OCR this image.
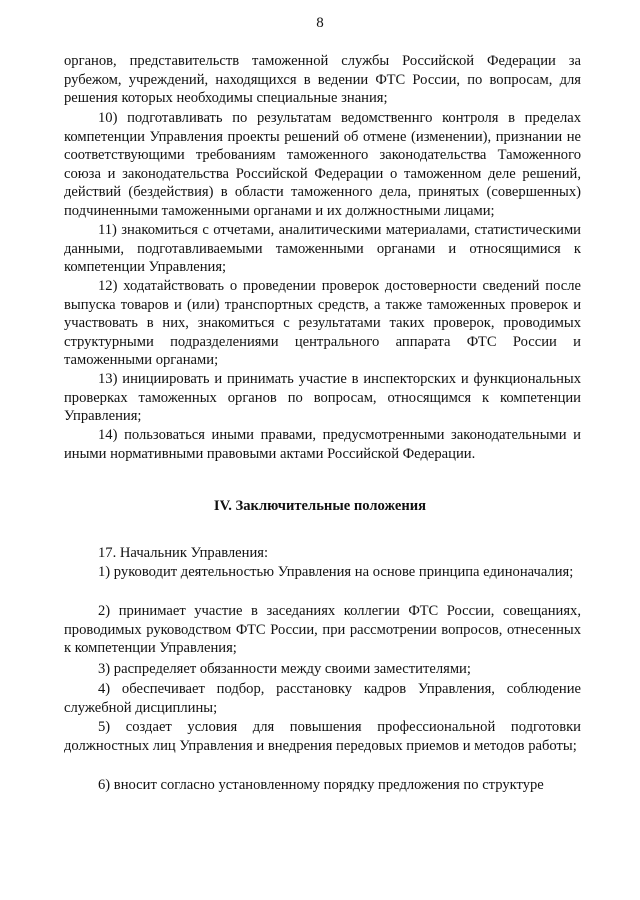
8
органов, представительств таможенной службы Российской Федерации за рубежом, учреждений, находящихся в ведении ФТС России, по вопросам, для решения которых необходимы специальные знания;
10) подготавливать по результатам ведомственнго контроля в пределах компетенции Управления проекты решений об отмене (изменении), признании не соответствующими требованиям таможенного законодательства Таможенного союза и законодательства Российской Федерации о таможенном деле решений, действий (бездействия) в области таможенного дела, принятых (совершенных) подчиненными таможенными органами и их должностными лицами;
11) знакомиться с отчетами, аналитическими материалами, статистическими данными, подготавливаемыми таможенными органами и относящимися к компетенции Управления;
12) ходатайствовать о проведении проверок достоверности сведений после выпуска товаров и (или) транспортных средств, а также таможенных проверок и участвовать в них, знакомиться с результатами таких проверок, проводимых структурными подразделениями центрального аппарата ФТС России и таможенными органами;
13) инициировать и принимать участие в инспекторских и функциональных проверках таможенных органов по вопросам, относящимся к компетенции Управления;
14) пользоваться иными правами, предусмотренными законодательными и иными нормативными правовыми актами Российской Федерации.
IV. Заключительные положения
17. Начальник Управления:
1) руководит деятельностью Управления на основе принципа единоначалия;
2) принимает участие в заседаниях коллегии ФТС России, совещаниях, проводимых руководством ФТС России, при рассмотрении вопросов, отнесенных к компетенции Управления;
3) распределяет обязанности между своими заместителями;
4) обеспечивает подбор, расстановку кадров Управления, соблюдение служебной дисциплины;
5) создает условия для повышения профессиональной подготовки должностных лиц Управления и внедрения передовых приемов и методов работы;
6) вносит согласно установленному порядку предложения по структуре
